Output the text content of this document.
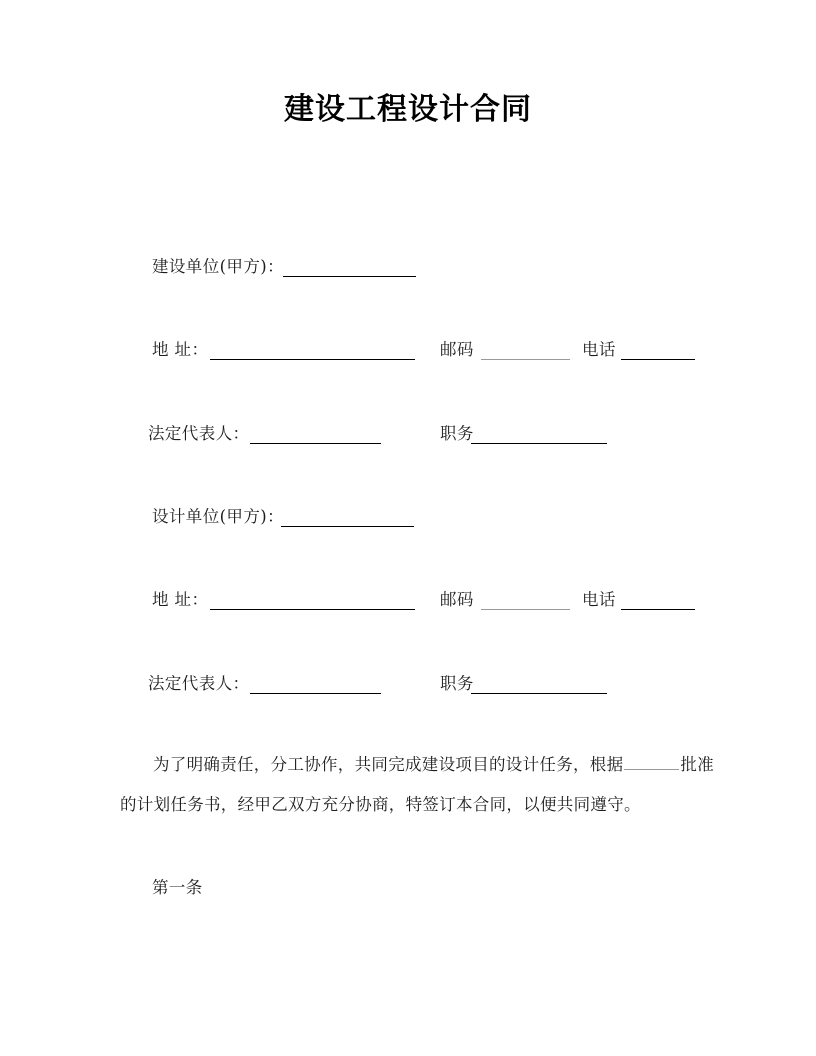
建设工程设计合同
建设单位(甲方)：
地 址：	邮码	电话
法定代表人：	职务
设计单位(甲方)：
地 址：	邮码	电话
法定代表人：	职务
为了明确责任，分工协作，共同完成建设项目的设计任务，根据	批准
的计划任务书，经甲乙双方充分协商，特签订本合同，以便共同遵守。
第一条
